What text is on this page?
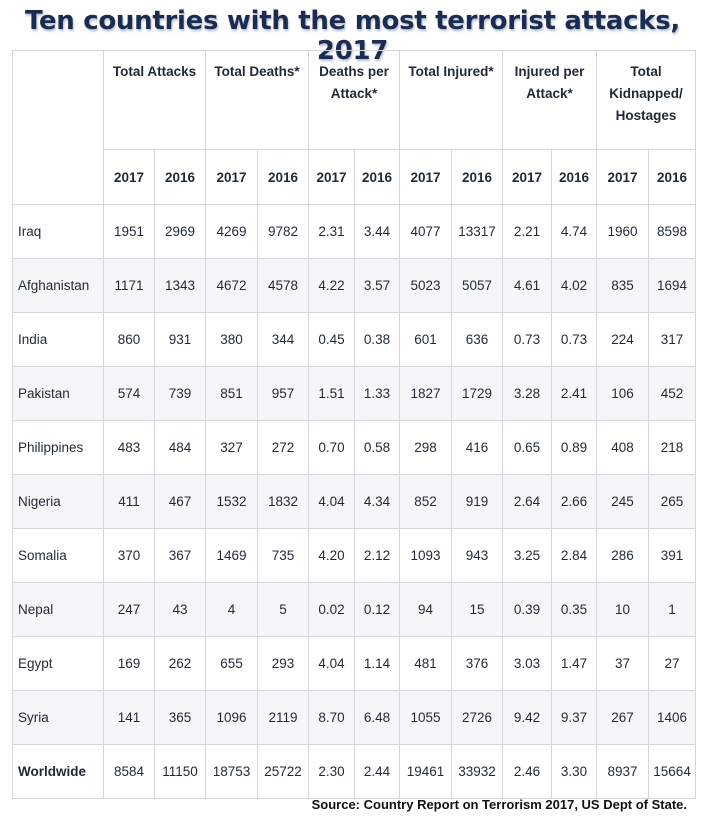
Ten countries with the most terrorist attacks, 2017
	Total Attacks		Total Deaths*		Deaths per Attack*		Total Injured*		Injured per Attack*		Total Kidnapped/ Hostages	
	2017	2016	2017	2016	2017	2016	2017	2016	2017	2016	2017	2016
Iraq	1951	2969	4269	9782	2.31	3.44	4077	13317	2.21	4.74	1960	8598
Afghanistan	1171	1343	4672	4578	4.22	3.57	5023	5057	4.61	4.02	835	1694
India	860	931	380	344	0.45	0.38	601	636	0.73	0.73	224	317
Pakistan	574	739	851	957	1.51	1.33	1827	1729	3.28	2.41	106	452
Philippines	483	484	327	272	0.70	0.58	298	416	0.65	0.89	408	218
Nigeria	411	467	1532	1832	4.04	4.34	852	919	2.64	2.66	245	265
Somalia	370	367	1469	735	4.20	2.12	1093	943	3.25	2.84	286	391
Nepal	247	43	4	5	0.02	0.12	94	15	0.39	0.35	10	1
Egypt	169	262	655	293	4.04	1.14	481	376	3.03	1.47	37	27
Syria	141	365	1096	2119	8.70	6.48	1055	2726	9.42	9.37	267	1406
Worldwide	8584	11150	18753	25722	2.30	2.44	19461	33932	2.46	3.30	8937	15664
Source: Country Report on Terrorism 2017, US Dept of State.
